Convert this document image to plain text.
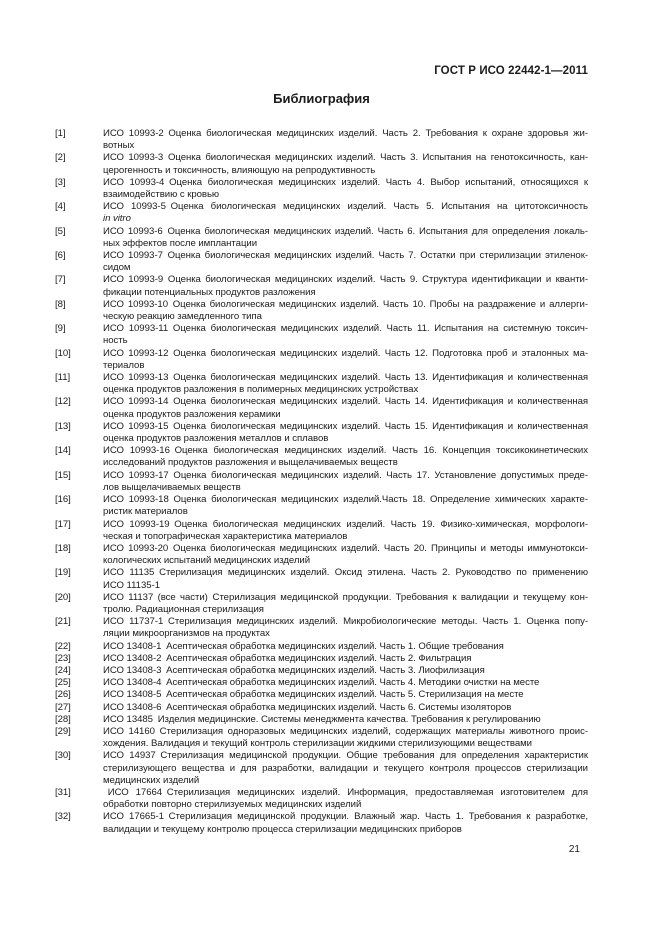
ГОСТ Р ИСО 22442-1—2011
Библиография
[1]	ИСО 10993-2 Оценка биологическая медицинских изделий. Часть 2. Требования к охране здоровья жи-
вотных
[2]	ИСО 10993-3 Оценка биологическая медицинских изделий. Часть 3. Испытания на генотоксичность, кан-
церогенность и токсичность, влияющую на репродуктивность
[3]	ИСО 10993-4 Оценка биологическая медицинских изделий. Часть 4. Выбор испытаний, относящихся к
взаимодействию с кровью
[4]	ИСО 10993-5 Оценка биологическая медицинских изделий. Часть 5. Испытания на цитотоксичность
in vitro
[5]	ИСО 10993-6 Оценка биологическая медицинских изделий. Часть 6. Испытания для определения локаль-
ных эффектов после имплантации
[6]	ИСО 10993-7 Оценка биологическая медицинских изделий. Часть 7. Остатки при стерилизации этиленок-
сидом
[7]	ИСО 10993-9 Оценка биологическая медицинских изделий. Часть 9. Структура идентификации и кванти-
фикации потенциальных продуктов разложения
[8]	ИСО 10993-10 Оценка биологическая медицинских изделий. Часть 10. Пробы на раздражение и аллерги-
ческую реакцию замедленного типа
[9]	ИСО 10993-11 Оценка биологическая медицинских изделий. Часть 11. Испытания на системную токсич-
ность
[10]	ИСО 10993-12 Оценка биологическая медицинских изделий. Часть 12. Подготовка проб и эталонных ма-
териалов
[11]	ИСО 10993-13 Оценка биологическая медицинских изделий. Часть 13. Идентификация и количественная
оценка продуктов разложения в полимерных медицинских устройствах
[12]	ИСО 10993-14 Оценка биологическая медицинских изделий. Часть 14. Идентификация и количественная
оценка продуктов разложения керамики
[13]	ИСО 10993-15 Оценка биологическая медицинских изделий. Часть 15. Идентификация и количественная
оценка продуктов разложения металлов и сплавов
[14]	ИСО 10993-16 Оценка биологическая медицинских изделий. Часть 16. Концепция токсикокинетических
исследований продуктов разложения и выщелачиваемых веществ
[15]	ИСО 10993-17 Оценка биологическая медицинских изделий. Часть 17. Установление допустимых преде-
лов выщелачиваемых веществ
[16]	ИСО 10993-18 Оценка биологическая медицинских изделий.Часть 18. Определение химических характе-
ристик материалов
[17]	ИСО 10993-19 Оценка биологическая медицинских изделий. Часть 19. Физико-химическая, морфологи-
ческая и топографическая характеристика материалов
[18]	ИСО 10993-20 Оценка биологическая медицинских изделий. Часть 20. Принципы и методы иммунотокси-
кологических испытаний медицинских изделий
[19]	ИСО 11135 Стерилизация медицинских изделий. Оксид этилена. Часть 2. Руководство по применению
ИСО 11135-1
[20]	ИСО 11137 (все части) Стерилизация медицинской продукции. Требования к валидации и текущему кон-
тролю. Радиационная стерилизация
[21]	ИСО 11737-1 Стерилизация медицинских изделий. Микробиологические методы. Часть 1. Оценка попу-
ляции микроорганизмов на продуктах
[22]	ИСО 13408-1 Асептическая обработка медицинских изделий. Часть 1. Общие требования
[23]	ИСО 13408-2 Асептическая обработка медицинских изделий. Часть 2. Фильтрация
[24]	ИСО 13408-3 Асептическая обработка медицинских изделий. Часть 3. Лиофилизация
[25]	ИСО 13408-4 Асептическая обработка медицинских изделий. Часть 4. Методики очистки на месте
[26]	ИСО 13408-5 Асептическая обработка медицинских изделий. Часть 5. Стерилизация на месте
[27]	ИСО 13408-6 Асептическая обработка медицинских изделий. Часть 6. Системы изоляторов
[28]	ИСО 13485 Изделия медицинские. Системы менеджмента качества. Требования к регулированию
[29]	ИСО 14160 Стерилизация одноразовых медицинских изделий, содержащих материалы животного проис-
хождения. Валидация и текущий контроль стерилизации жидкими стерилизующими веществами
[30]	ИСО 14937 Стерилизация медицинской продукции. Общие требования для определения характеристик
стерилизующего вещества и для разработки, валидации и текущего контроля процессов стерилизации
медицинских изделий
[31]	 ИСО 17664 Стерилизация медицинских изделий. Информация, предоставляемая изготовителем для
обработки повторно стерилизуемых медицинских изделий
[32]	ИСО 17665-1 Стерилизация медицинской продукции. Влажный жар. Часть 1. Требования к разработке,
валидации и текущему контролю процесса стерилизации медицинских приборов
21
